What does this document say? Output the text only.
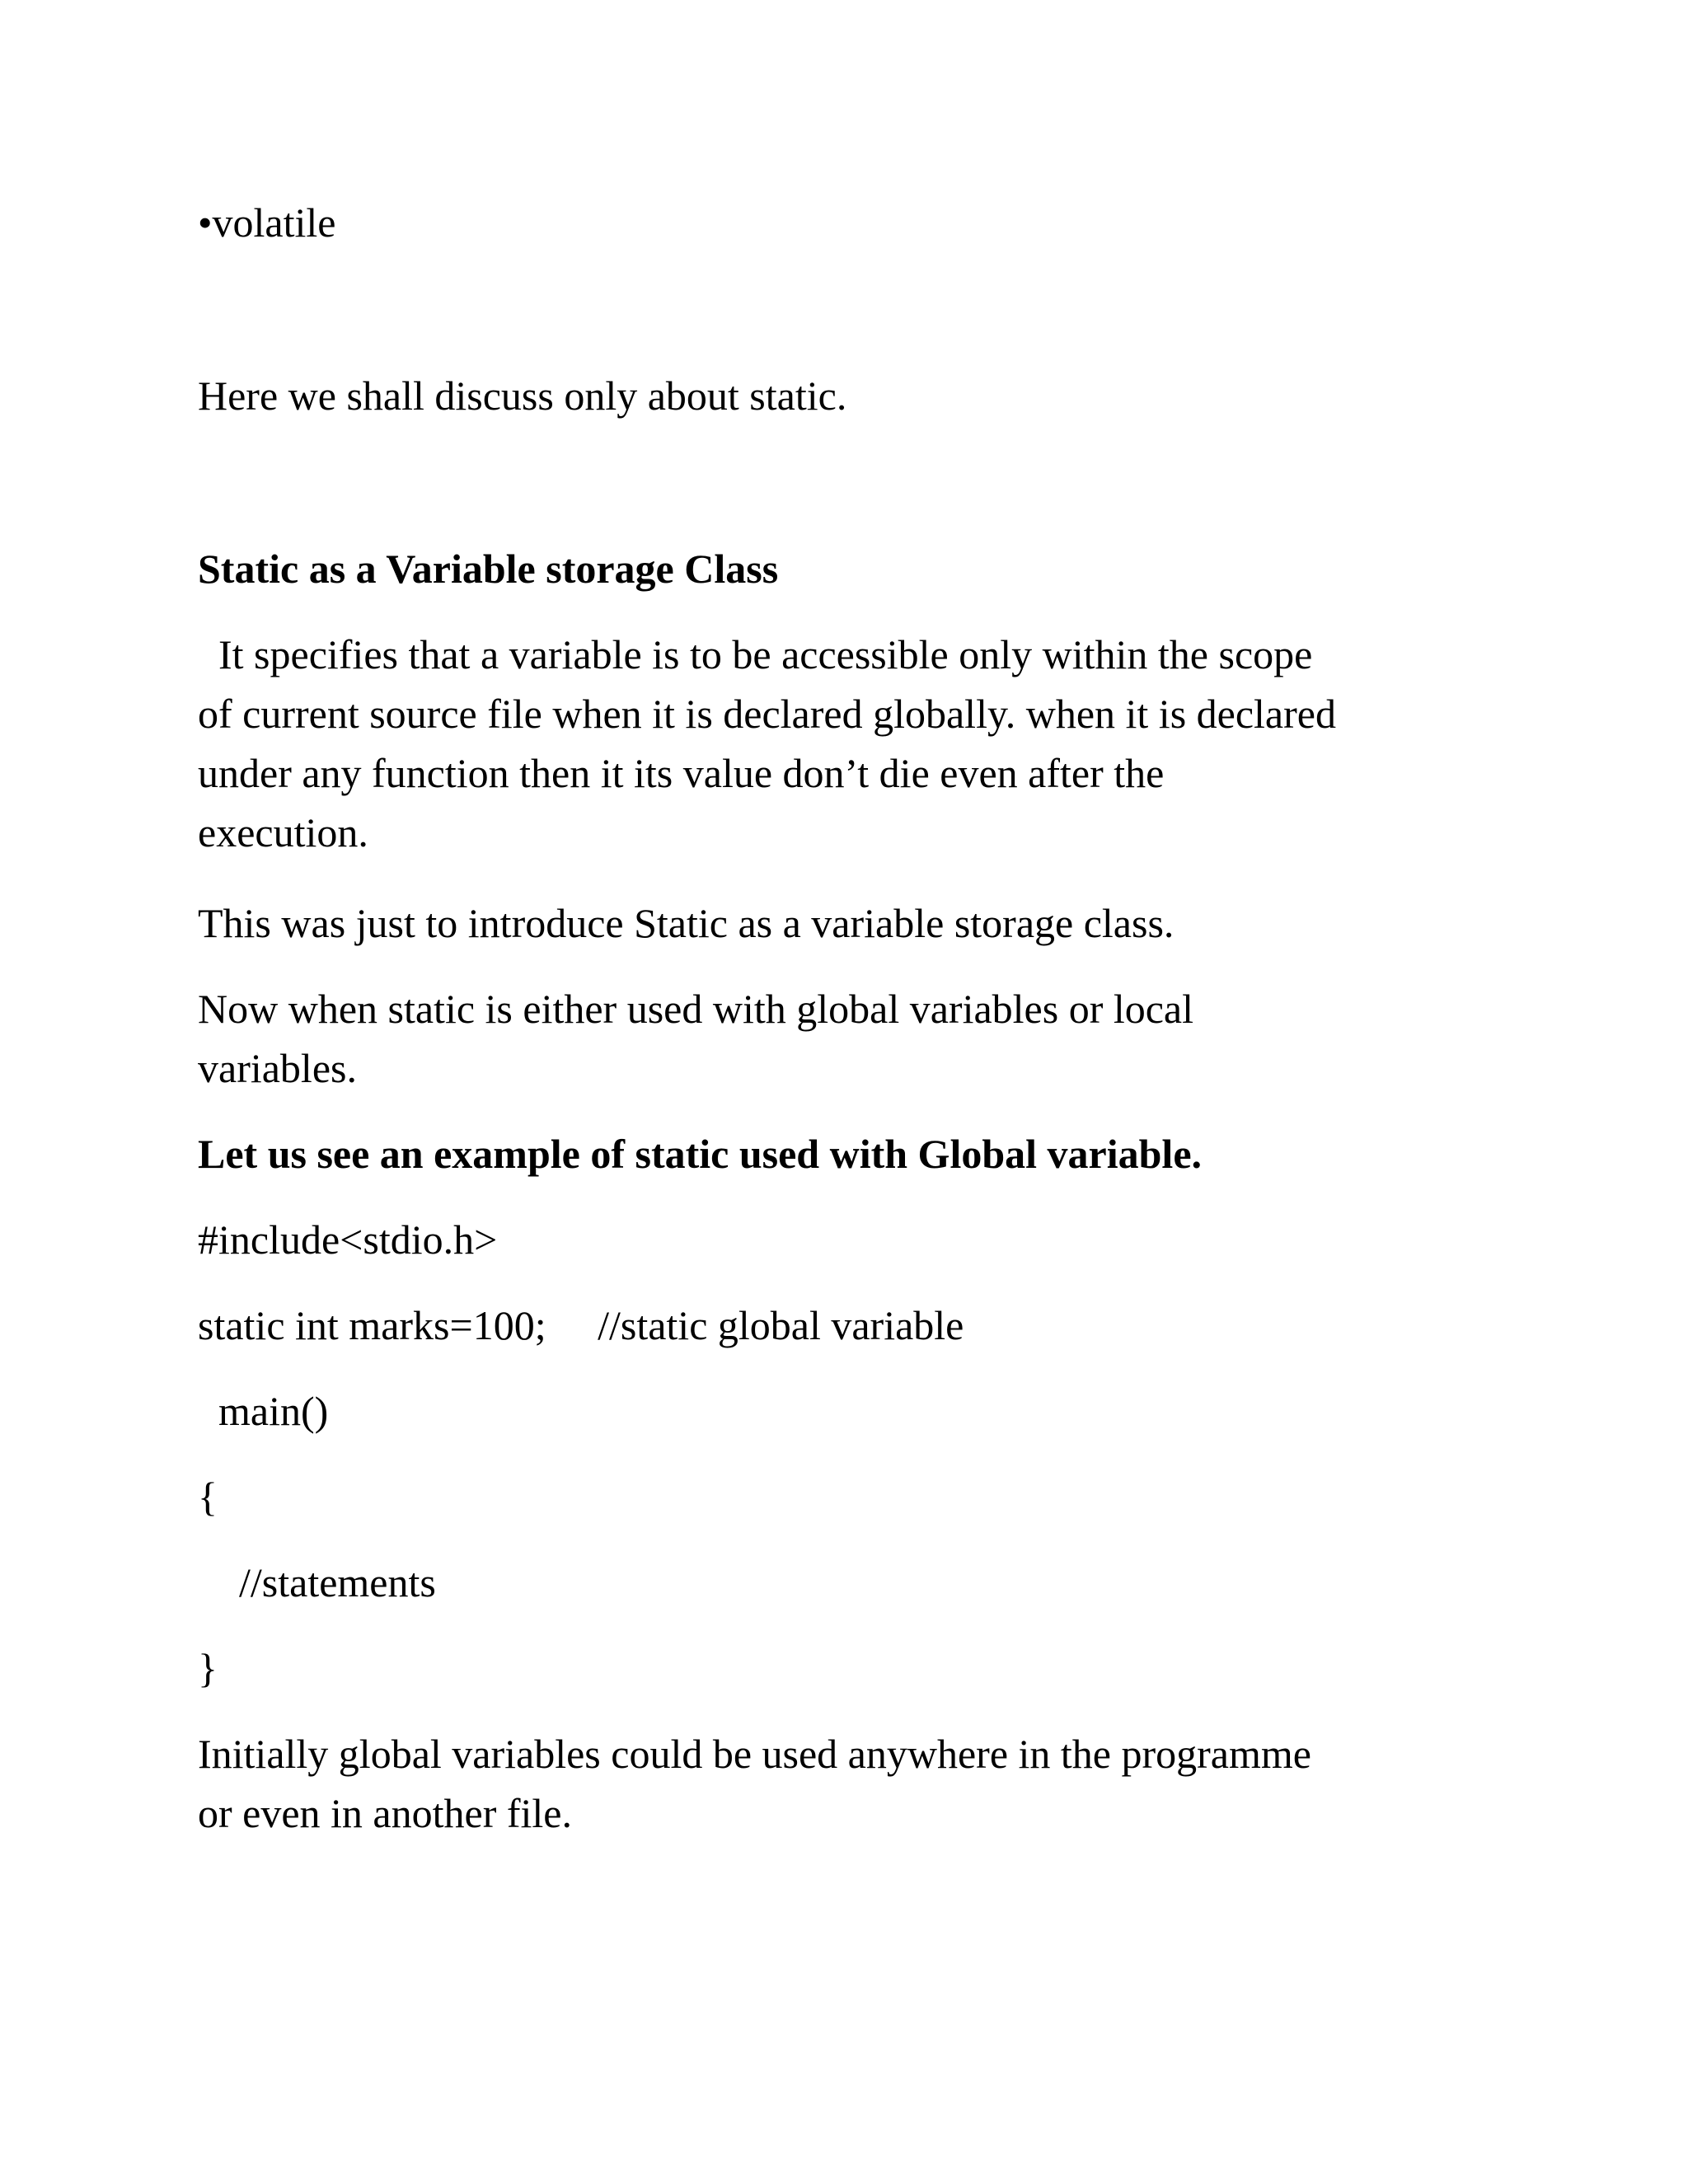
•volatile
Here we shall discuss only about static.
Static as a Variable storage Class
It specifies that a variable is to be accessible only within the scope
of current source file when it is declared globally. when it is declared
under any function then it its value don’t die even after the
execution.
This was just to introduce Static as a variable storage class.
Now when static is either used with global variables or local
variables.
Let us see an example of static used with Global variable.
#include<stdio.h>
static int marks=100;     //static global variable
main()
{
//statements
}
Initially global variables could be used anywhere in the programme
or even in another file.
